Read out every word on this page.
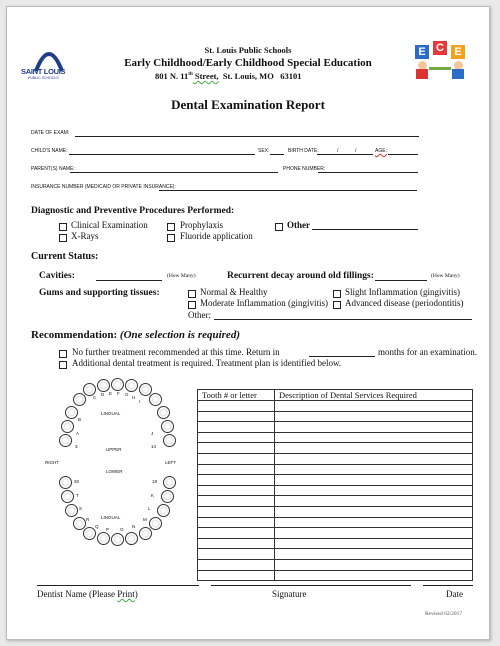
SAINT LOUIS
PUBLIC SCHOOLS
St. Louis Public Schools
Early Childhood/Early Childhood Special Education
801 N. 11th Street, St. Louis, MO 63101
E C E
Dental Examination Report
DATE OF EXAM:
CHILD'S NAME:	SEX:	BIRTH DATE:	/	/	AGE:
PARENT(S) NAME:	PHONE NUMBER:
INSURANCE NUMBER (MEDICAID OR PRIVATE INSURANCE):
Diagnostic and Preventive Procedures Performed:
Clinical Examination
X-Rays
Prophylaxis
Fluoride application
Other
Current Status:
Cavities:	(How Many)	Recurrent decay around old fillings:	(How Many)
Gums and supporting tissues:	Normal & Healthy	Slight Inflammation (gingivitis)
Moderate Inflammation (gingivitis) Advanced disease (periodontitis)
Other:
Recommendation: (One selection is required)
No further treatment recommended at this time. Return in	months for an examination.
Additional dental treatment is required. Treatment plan is identified below.
C
D E F G
H
I
LINGUAL
UPPER
LOWER
LINGUAL
RIGHT	LEFT
B
A
3
J
14
30
T
S
R
19
K
L
M
Q
P O
N
Tooth # or letter	Description of Dental Services Required

Dentist Name (Please Print)	Signature	Date
Revised 02/2017
